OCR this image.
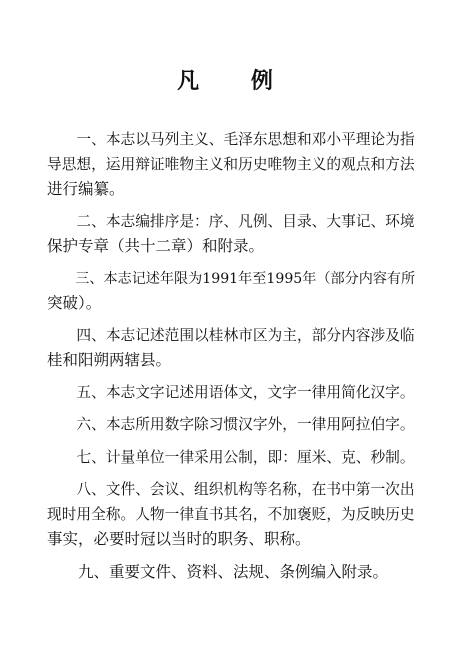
凡 例
一、本志以马列主义、毛泽东思想和邓小平理论为指
导思想，运用辩证唯物主义和历史唯物主义的观点和方法
进行编纂。
二、本志编排序是：序、凡例、目录、大事记、环境
保护专章（共十二章）和附录。
三、本志记述年限为1991年至1995年（部分内容有所
突破）。
四、本志记述范围以桂林市区为主，部分内容涉及临
桂和阳朔两辖县。
五、本志文字记述用语体文，文字一律用简化汉字。
六、本志所用数字除习惯汉字外，一律用阿拉伯字。
七、计量单位一律采用公制，即：厘米、克、秒制。
八、文件、会议、组织机构等名称，在书中第一次出
现时用全称。人物一律直书其名，不加褒贬，为反映历史
事实，必要时冠以当时的职务、职称。
九、重要文件、资料、法规、条例编入附录。
